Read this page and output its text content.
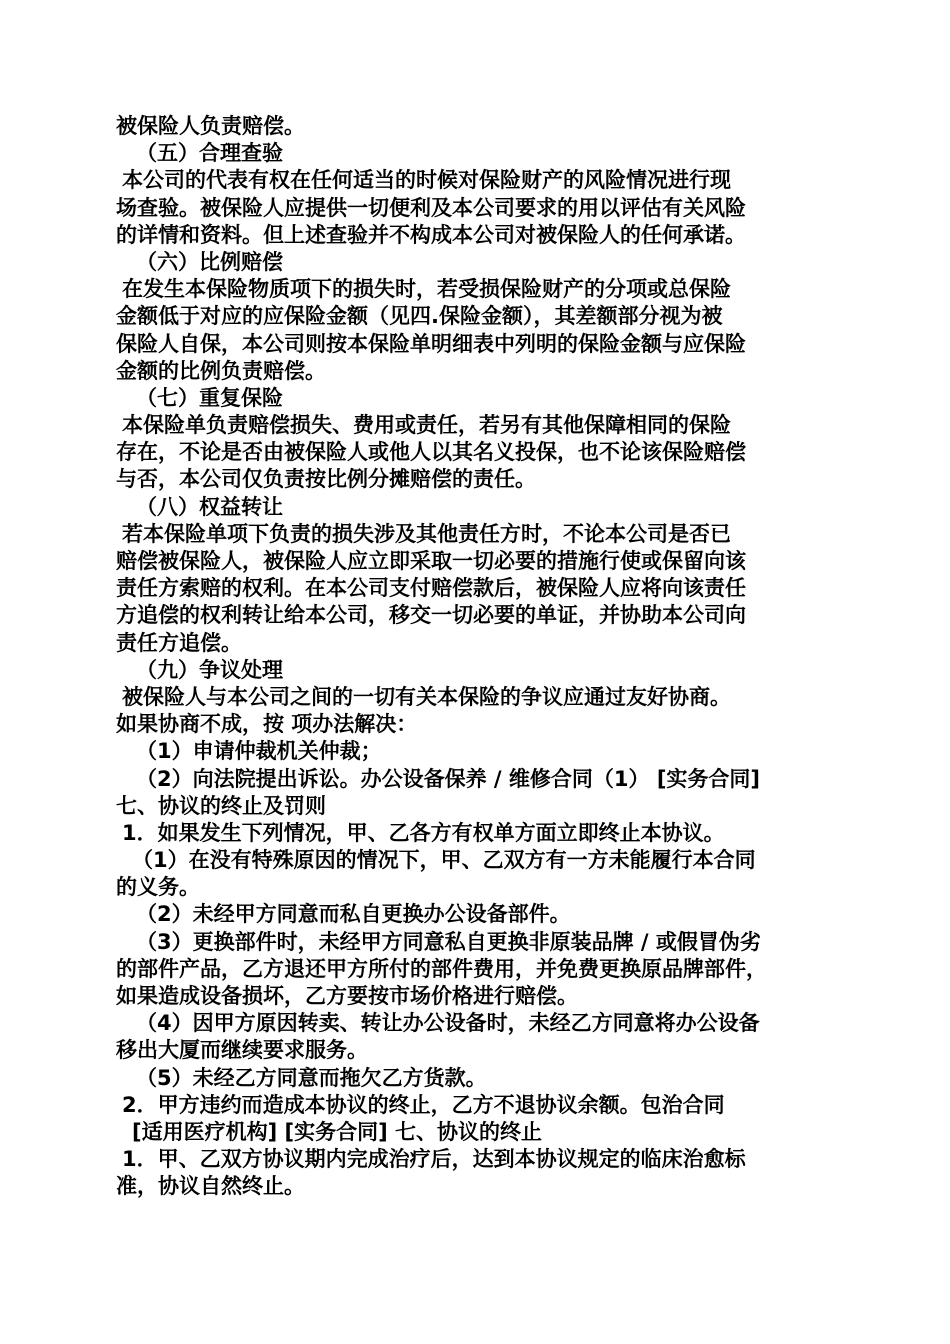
被保险人负责赔偿。
（五）合理查验
本公司的代表有权在任何适当的时候对保险财产的风险情况进行现
场查验。被保险人应提供一切便利及本公司要求的用以评估有关风险
的详情和资料。但上述查验并不构成本公司对被保险人的任何承诺。
（六）比例赔偿
在发生本保险物质项下的损失时，若受损保险财产的分项或总保险
金额低于对应的应保险金额（见四.保险金额），其差额部分视为被
保险人自保，本公司则按本保险单明细表中列明的保险金额与应保险
金额的比例负责赔偿。
（七）重复保险
本保险单负责赔偿损失、费用或责任，若另有其他保障相同的保险
存在，不论是否由被保险人或他人以其名义投保，也不论该保险赔偿
与否，本公司仅负责按比例分摊赔偿的责任。
（八）权益转让
若本保险单项下负责的损失涉及其他责任方时，不论本公司是否已
赔偿被保险人，被保险人应立即采取一切必要的措施行使或保留向该
责任方索赔的权利。在本公司支付赔偿款后，被保险人应将向该责任
方追偿的权利转让给本公司，移交一切必要的单证，并协助本公司向
责任方追偿。
（九）争议处理
被保险人与本公司之间的一切有关本保险的争议应通过友好协商。
如果协商不成，按 项办法解决：
（1）申请仲裁机关仲裁；
（2）向法院提出诉讼。办公设备保养 / 维修合同（1） [实务合同]
七、协议的终止及罚则
1．如果发生下列情况，甲、乙各方有权单方面立即终止本协议。
（1）在没有特殊原因的情况下，甲、乙双方有一方未能履行本合同
的义务。
（2）未经甲方同意而私自更换办公设备部件。
（3）更换部件时，未经甲方同意私自更换非原装品牌 / 或假冒伪劣
的部件产品，乙方退还甲方所付的部件费用，并免费更换原品牌部件，
如果造成设备损坏，乙方要按市场价格进行赔偿。
（4）因甲方原因转卖、转让办公设备时，未经乙方同意将办公设备
移出大厦而继续要求服务。
（5）未经乙方同意而拖欠乙方货款。
2．甲方违约而造成本协议的终止，乙方不退协议余额。包治合同
[适用医疗机构] [实务合同] 七、协议的终止
1．甲、乙双方协议期内完成治疗后，达到本协议规定的临床治愈标
准，协议自然终止。
